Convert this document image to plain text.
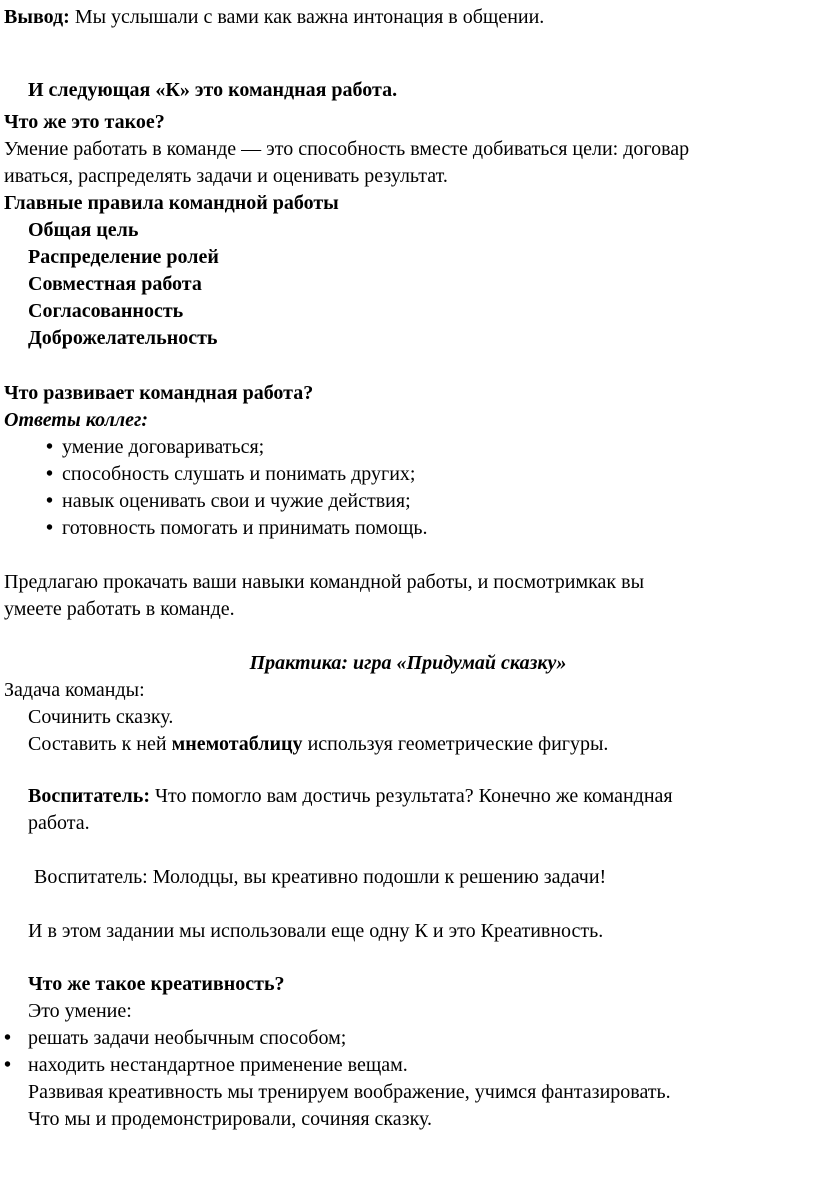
Вывод: Мы услышали с вами как важна интонация в общении.
И следующая «К» это командная работа.
Что же это такое?
Умение работать в команде — это способность вместе добиваться цели: договар
иваться, распределять задачи и оценивать результат.
Главные правила командной работы
Общая цель
Распределение ролей
Совместная работа
Согласованность
Доброжелательность
Что развивает командная работа?
Ответы коллег:
• умение договариваться;
• способность слушать и понимать других;
• навык оценивать свои и чужие действия;
• готовность помогать и принимать помощь.
Предлагаю прокачать ваши навыки командной работы, и посмотримкак вы
умеете работать в команде.
Практика: игра «Придумай сказку»
Задача команды:
Сочинить сказку.
Составить к ней мнемотаблицу используя геометрические фигуры.
Воспитатель: Что помогло вам достичь результата? Конечно же командная
работа.
Воспитатель: Молодцы, вы креативно подошли к решению задачи!
И в этом задании мы использовали еще одну К и это Креативность.
Что же такое креативность?
Это умение:
• решать задачи необычным способом;
• находить нестандартное применение вещам.
Развивая креативность мы тренируем воображение, учимся фантазировать.
Что мы и продемонстрировали, сочиняя сказку.
